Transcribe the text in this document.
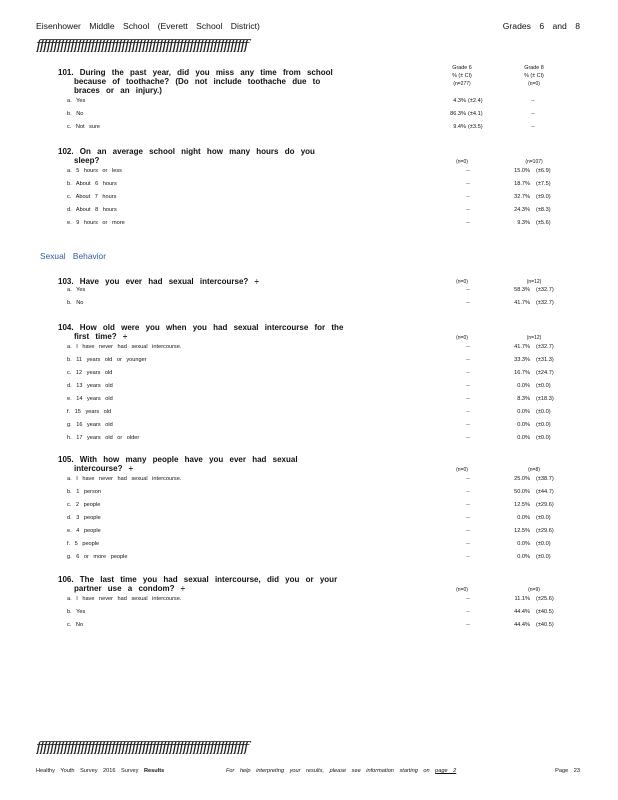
Eisenhower Middle School (Everett School District)	Grades 6 and 8
ƒƒƒƒƒƒƒƒƒƒƒƒƒƒƒƒƒƒƒƒƒƒƒƒƒƒƒƒƒƒƒƒƒƒƒƒƒƒƒƒƒƒƒƒƒƒƒƒƒƒƒƒƒƒƒƒƒƒƒƒƒƒ
101. During the past year, did you miss any time from school
because of toothache? (Do not include toothache due to
braces or an injury.)
Grade 6
% (± CI)
(n=277)
Grade 8
% (± CI)
(n=0)
a. Yes	4.3% (±2.4)	--
b. No	86.3% (±4.1)	--
c. Not sure	9.4% (±3.5)	--
102. On an average school night how many hours do you
sleep?	(n=0)	(n=107)
a. 5 hours or less	--	15.0% (±6.9)
b. About 6 hours	--	18.7% (±7.5)
c. About 7 hours	--	32.7% (±9.0)
d. About 8 hours	--	24.3% (±8.3)
e. 9 hours or more	--	9.3% (±5.6)
Sexual Behavior
103. Have you ever had sexual intercourse? ÷	(n=0)	(n=12)
a. Yes	--	58.3% (±32.7)
b. No	--	41.7% (±32.7)
104. How old were you when you had sexual intercourse for the
first time? ÷	(n=0)	(n=12)
a. I have never had sexual intercourse.	--	41.7% (±32.7)
b. 11 years old or younger	--	33.3% (±31.3)
c. 12 years old	--	16.7% (±24.7)
d. 13 years old	--	0.0% (±0.0)
e. 14 years old	--	8.3% (±18.3)
f. 15 years old	--	0.0% (±0.0)
g. 16 years old	--	0.0% (±0.0)
h. 17 years old or older	--	0.0% (±0.0)
105. With how many people have you ever had sexual
intercourse? ÷	(n=0)	(n=8)
a. I have never had sexual intercourse.	--	25.0% (±38.7)
b. 1 person	--	50.0% (±44.7)
c. 2 people	--	12.5% (±29.6)
d. 3 people	--	0.0% (±0.0)
e. 4 people	--	12.5% (±29.6)
f. 5 people	--	0.0% (±0.0)
g. 6 or more people	--	0.0% (±0.0)
106. The last time you had sexual intercourse, did you or your
partner use a condom? ÷	(n=0)	(n=9)
a. I have never had sexual intercourse.	--	11.1% (±25.6)
b. Yes	--	44.4% (±40.5)
c. No	--	44.4% (±40.5)
ƒƒƒƒƒƒƒƒƒƒƒƒƒƒƒƒƒƒƒƒƒƒƒƒƒƒƒƒƒƒƒƒƒƒƒƒƒƒƒƒƒƒƒƒƒƒƒƒƒƒƒƒƒƒƒƒƒƒƒƒƒƒ
Healthy Youth Survey 2016 Survey Results	For help interpreting your results, please see information starting on page 2	Page 23
